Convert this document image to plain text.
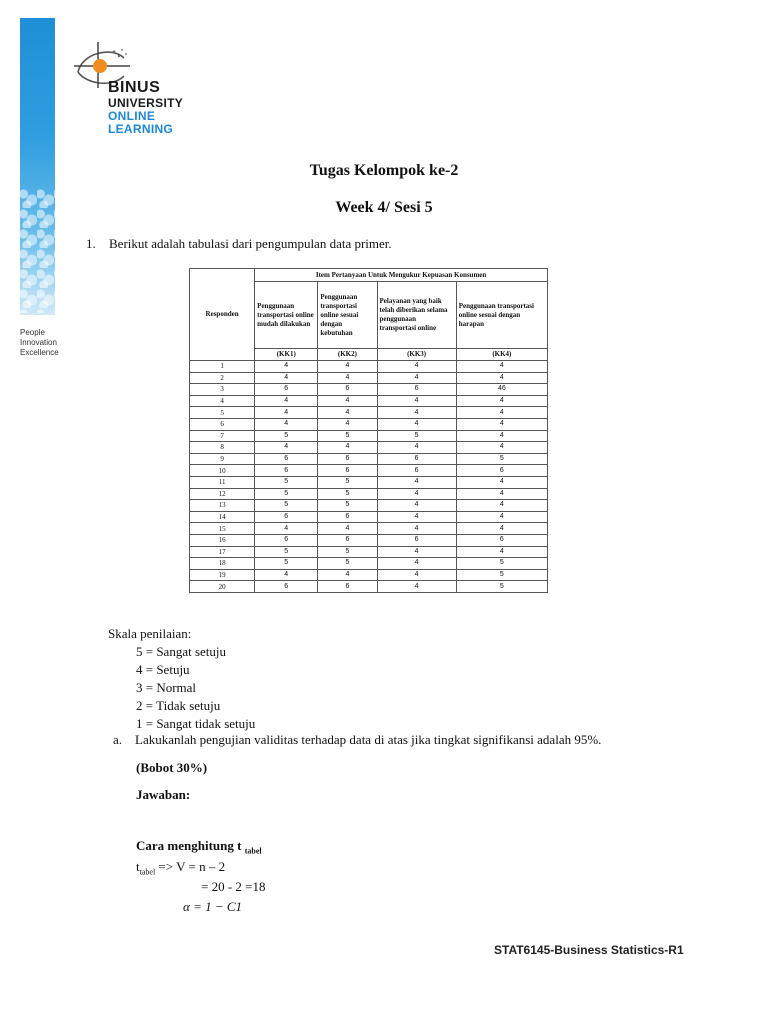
People
Innovation
Excellence
BINUS
UNIVERSITY
ONLINE
LEARNING
Tugas Kelompok ke-2
Week 4/ Sesi 5
1. Berikut adalah tabulasi dari pengumpulan data primer.
Responden	Item Pertanyaan Untuk Mengukur Kepuasan Konsumen			
	Penggunaan transportasi online mudah dilakukan	Penggunaan transportasi online sesuai dengan kebutuhan	Pelayanan yang baik telah diberikan selama penggunaan transportasi online	Penggunaan transportasi online sesuai dengan harapan
	(KK1)	(KK2)	(KK3)	(KK4)
1	4	4	4	4
2	4	4	4	4
3	6	6	6	46
4	4	4	4	4
5	4	4	4	4
6	4	4	4	4
7	5	5	5	4
8	4	4	4	4
9	6	6	6	5
10	6	6	6	6
11	5	5	4	4
12	5	5	4	4
13	5	5	4	4
14	6	6	4	4
15	4	4	4	4
16	6	6	6	6
17	5	5	4	4
18	5	5	4	5
19	4	4	4	5
20	6	6	4	5
Skala penilaian:
5 = Sangat setuju
4 = Setuju
3 = Normal
2 = Tidak setuju
1 = Sangat tidak setuju
a. Lakukanlah pengujian validitas terhadap data di atas jika tingkat signifikansi adalah 95%.
(Bobot 30%)
Jawaban:
Cara menghitung t $_{tabel}$
$t_{tabel} => V = n - 2$
= 20 - 2 =18
α = 1 − C1
STAT6145-Business Statistics-R1
